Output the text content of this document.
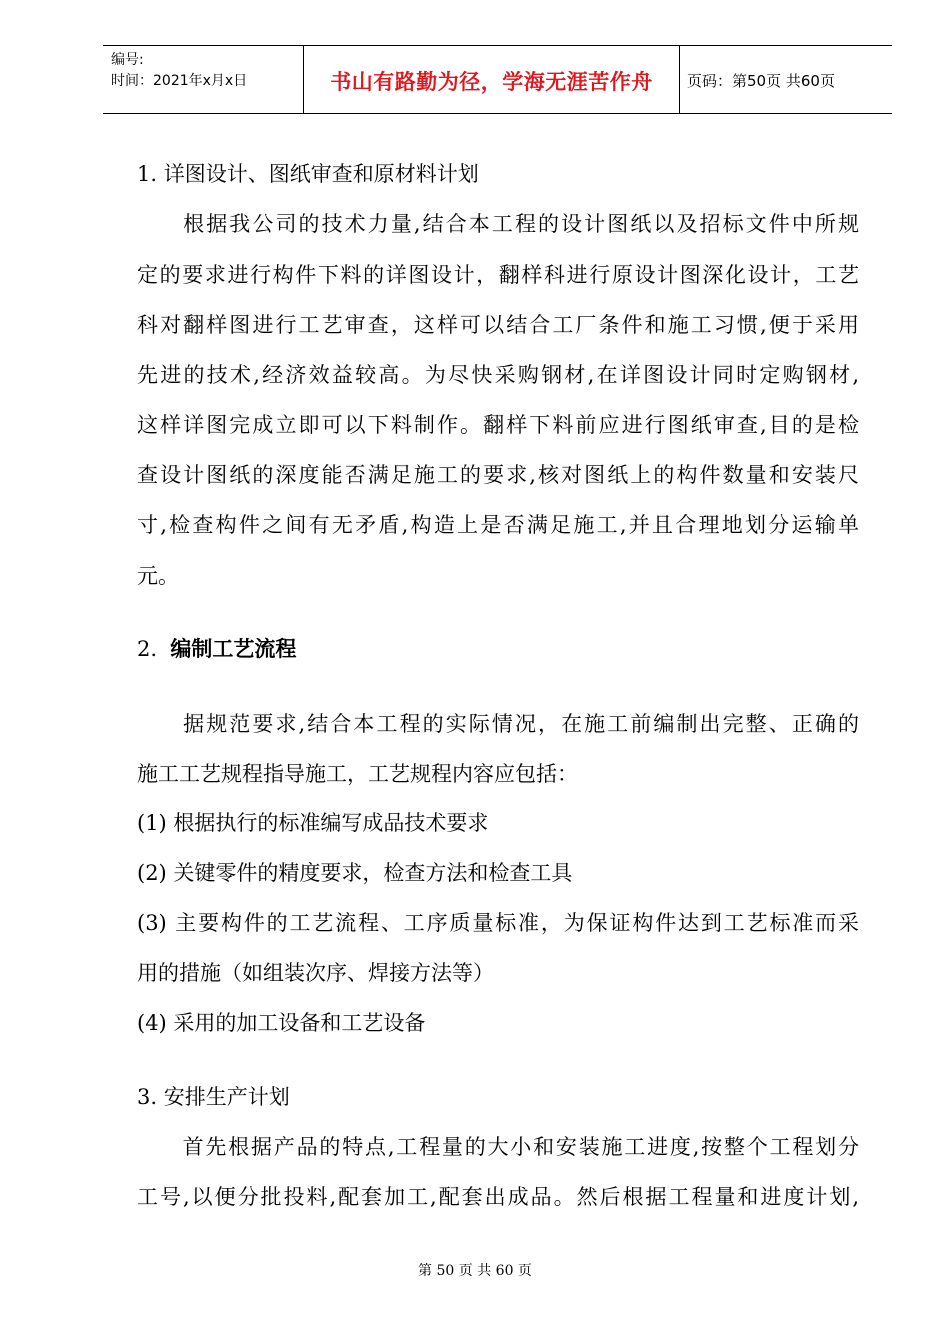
编号:
时间：2021年x月x日	书山有路勤为径，学海无涯苦作舟	页码：第50页 共60页
1. 详图设计、图纸审查和原材料计划
　　根据我公司的技术力量,结合本工程的设计图纸以及招标文件中所规
定的要求进行构件下料的详图设计，翻样科进行原设计图深化设计，工艺
科对翻样图进行工艺审查，这样可以结合工厂条件和施工习惯,便于采用
先进的技术,经济效益较高。为尽快采购钢材,在详图设计同时定购钢材,
这样详图完成立即可以下料制作。翻样下料前应进行图纸审查,目的是检
查设计图纸的深度能否满足施工的要求,核对图纸上的构件数量和安装尺
寸,检查构件之间有无矛盾,构造上是否满足施工,并且合理地划分运输单
元。
2. 编制工艺流程
　　据规范要求,结合本工程的实际情况，在施工前编制出完整、正确的
施工工艺规程指导施工，工艺规程内容应包括：
(1) 根据执行的标准编写成品技术要求
(2) 关键零件的精度要求，检查方法和检查工具
(3) 主要构件的工艺流程、工序质量标准，为保证构件达到工艺标准而采
用的措施（如组装次序、焊接方法等）
(4) 采用的加工设备和工艺设备
3. 安排生产计划
　　首先根据产品的特点,工程量的大小和安装施工进度,按整个工程划分
工号,以便分批投料,配套加工,配套出成品。然后根据工程量和进度计划,
第 50 页 共 60 页
